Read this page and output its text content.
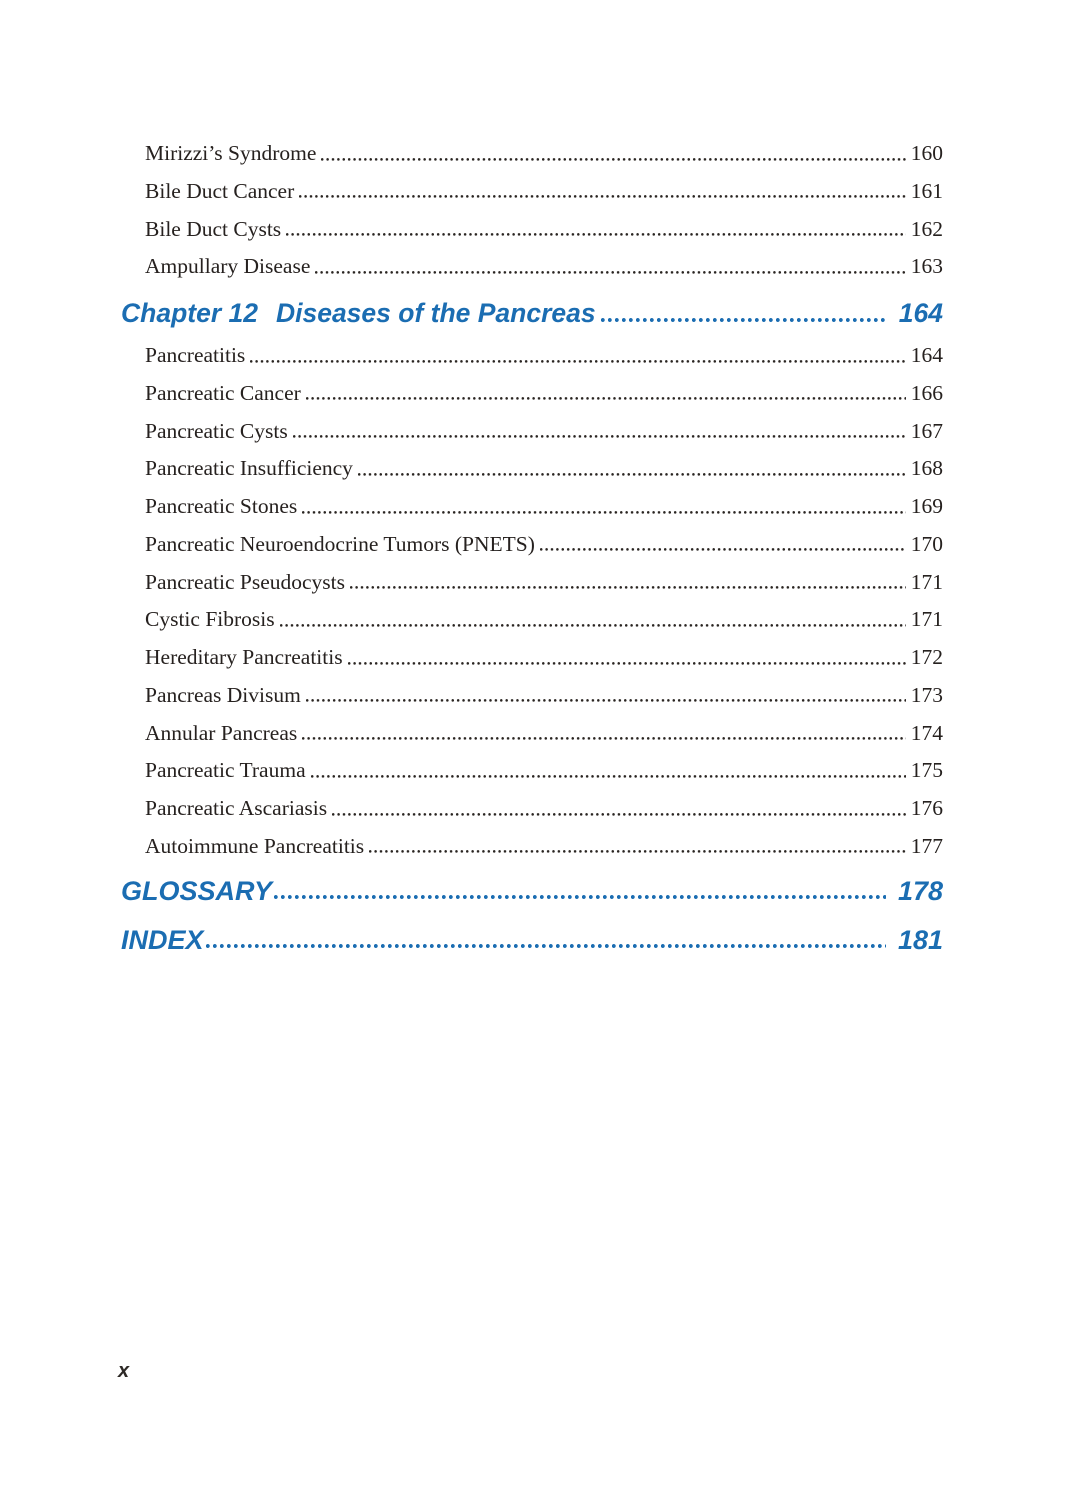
Mirizzi’s Syndrome	160
Bile Duct Cancer	161
Bile Duct Cysts	162
Ampullary Disease	163
Chapter 12 Diseases of the Pancreas	164
Pancreatitis	164
Pancreatic Cancer	166
Pancreatic Cysts	167
Pancreatic Insufficiency	168
Pancreatic Stones	169
Pancreatic Neuroendocrine Tumors (PNETS)	170
Pancreatic Pseudocysts	171
Cystic Fibrosis	171
Hereditary Pancreatitis	172
Pancreas Divisum	173
Annular Pancreas	174
Pancreatic Trauma	175
Pancreatic Ascariasis	176
Autoimmune Pancreatitis	177
GLOSSARY	178
INDEX	181
x
